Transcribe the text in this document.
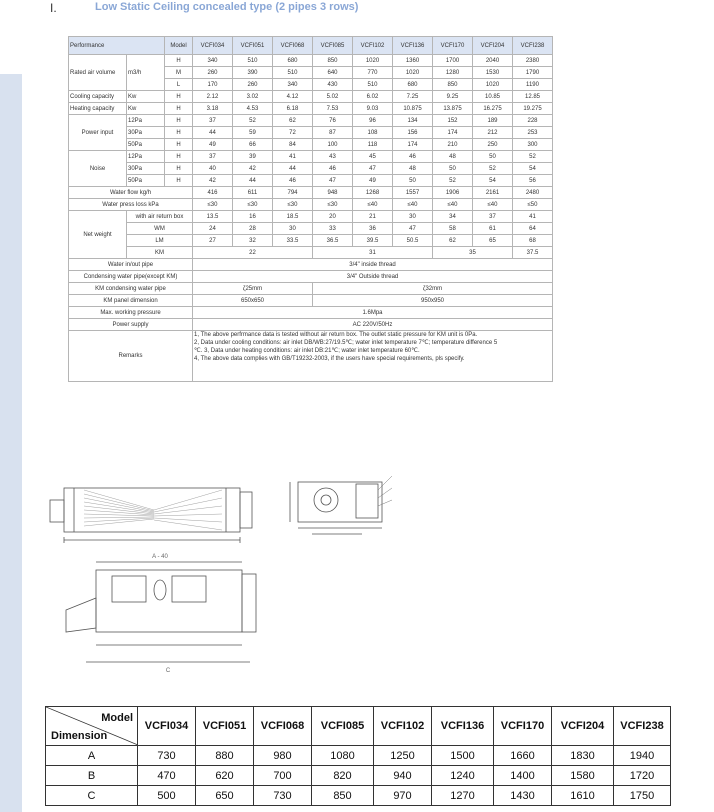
I.	Low Static Ceiling concealed type (2 pipes 3 rows)
Performance		Model	VCFI034	VCFI051	VCFI068	VCFI085	VCFI102	VCFI136	VCFI170	VCFI204	VCFI238
Rated air volume	m3/h	H	340	510	680	850	1020	1360	1700	2040	2380
		M	260	390	510	640	770	1020	1280	1530	1790
		L	170	260	340	430	510	680	850	1020	1190
Cooling capacity	Kw	H	2.12	3.02	4.12	5.02	6.02	7.25	9.25	10.85	12.85
Heating capacity	Kw	H	3.18	4.53	6.18	7.53	9.03	10.875	13.875	16.275	19.275
Power input	12Pa	H	37	52	62	76	96	134	152	189	228
	30Pa	H	44	59	72	87	108	156	174	212	253
	50Pa	H	49	66	84	100	118	174	210	250	300
Noise	12Pa	H	37	39	41	43	45	46	48	50	52
	30Pa	H	40	42	44	46	47	48	50	52	54
	50Pa	H	42	44	46	47	49	50	52	54	56
Water flow kg/h			416	611	794	948	1268	1557	1906	2161	2480
Water press loss kPa			≤30	≤30	≤30	≤30	≤40	≤40	≤40	≤40	≤50
Net weight	with air return box		13.5	16	18.5	20	21	30	34	37	41
	WM		24	28	30	33	36	47	58	61	64
	LM		27	32	33.5	36.5	39.5	50.5	62	65	68
	KM		22			31			35		37.5
Water in/out pipe			3/4" inside thread								
Condensing water pipe(except KM)			3/4" Outside thread								
KM condensing water pipe			ζ25mm			ζ32mm					
KM panel dimension			650x650			950x950					
Max. working pressure			1.6Mpa								
Power supply			AC 220V/50Hz								
Remarks			1, The above perfrmance data is tested without air return box. The outlet static pressure for KM unit is 0Pa.
2, Data under cooling conditions: air inlet DB/WB:27/19.5℃; water inlet temperature 7℃; temperature difference 5
℃. 3, Data under heating conditions: air inlet DB:21℃; water inlet temperature 60℃.
4, The above data complies with GB/T19232-2003, if the users have special requirements, pls specify.								
A - 40
C
Model
Dimension	VCFI034	VCFI051	VCFI068	VCFI085	VCFI102	VCFI136	VCFI170	VCFI204	VCFI238
A	730	880	980	1080	1250	1500	1660	1830	1940
B	470	620	700	820	940	1240	1400	1580	1720
C	500	650	730	850	970	1270	1430	1610	1750
